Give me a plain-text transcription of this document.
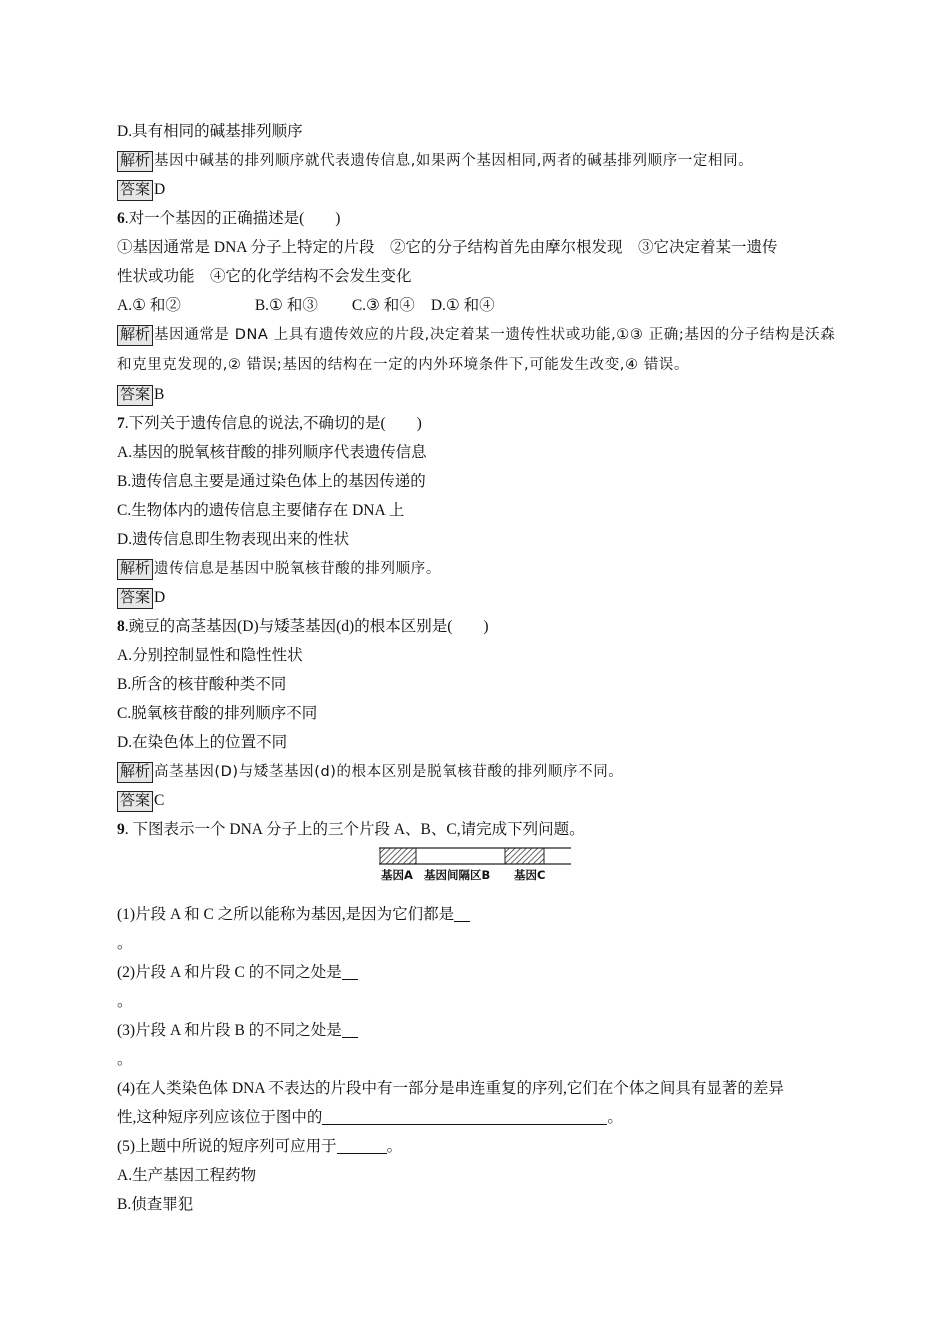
D.具有相同的碱基排列顺序
解析 基因中碱基的排列顺序就代表遗传信息,如果两个基因相同,两者的碱基排列顺序一定相同。
答案 D
6.对一个基因的正确描述是(　　)
①基因通常是 DNA 分子上特定的片段　②它的分子结构首先由摩尔根发现　③它决定着某一遗传
性状或功能　④它的化学结构不会发生变化
A.① 和②	B.① 和③ C.③ 和④ D.① 和④
解析 基因通常是 DNA 上具有遗传效应的片段,决定着某一遗传性状或功能,①③ 正确;基因的分子结构是沃森和克里克发现的,② 错误;基因的结构在一定的内外环境条件下,可能发生改变,④ 错误。
答案 B
7.下列关于遗传信息的说法,不确切的是(　　)
A.基因的脱氧核苷酸的排列顺序代表遗传信息
B.遗传信息主要是通过染色体上的基因传递的
C.生物体内的遗传信息主要储存在 DNA 上
D.遗传信息即生物表现出来的性状
解析 遗传信息是基因中脱氧核苷酸的排列顺序。
答案 D
8.豌豆的高茎基因(D)与矮茎基因(d)的根本区别是(　　)
A.分别控制显性和隐性性状
B.所含的核苷酸种类不同
C.脱氧核苷酸的排列顺序不同
D.在染色体上的位置不同
解析 高茎基因(D)与矮茎基因(d)的根本区别是脱氧核苷酸的排列顺序不同。
答案 C
9. 下图表示一个 DNA 分子上的三个片段 A、B、C,请完成下列问题。
基因A 基因间隔区B 基因C
(1)片段 A 和 C 之所以能称为基因,是因为它们都是
。
(2)片段 A 和片段 C 的不同之处是
。
(3)片段 A 和片段 B 的不同之处是
。
(4)在人类染色体 DNA 不表达的片段中有一部分是串连重复的序列,它们在个体之间具有显著的差异
性,这种短序列应该位于图中的	。
(5)上题中所说的短序列可应用于	。
A.生产基因工程药物
B.侦查罪犯
